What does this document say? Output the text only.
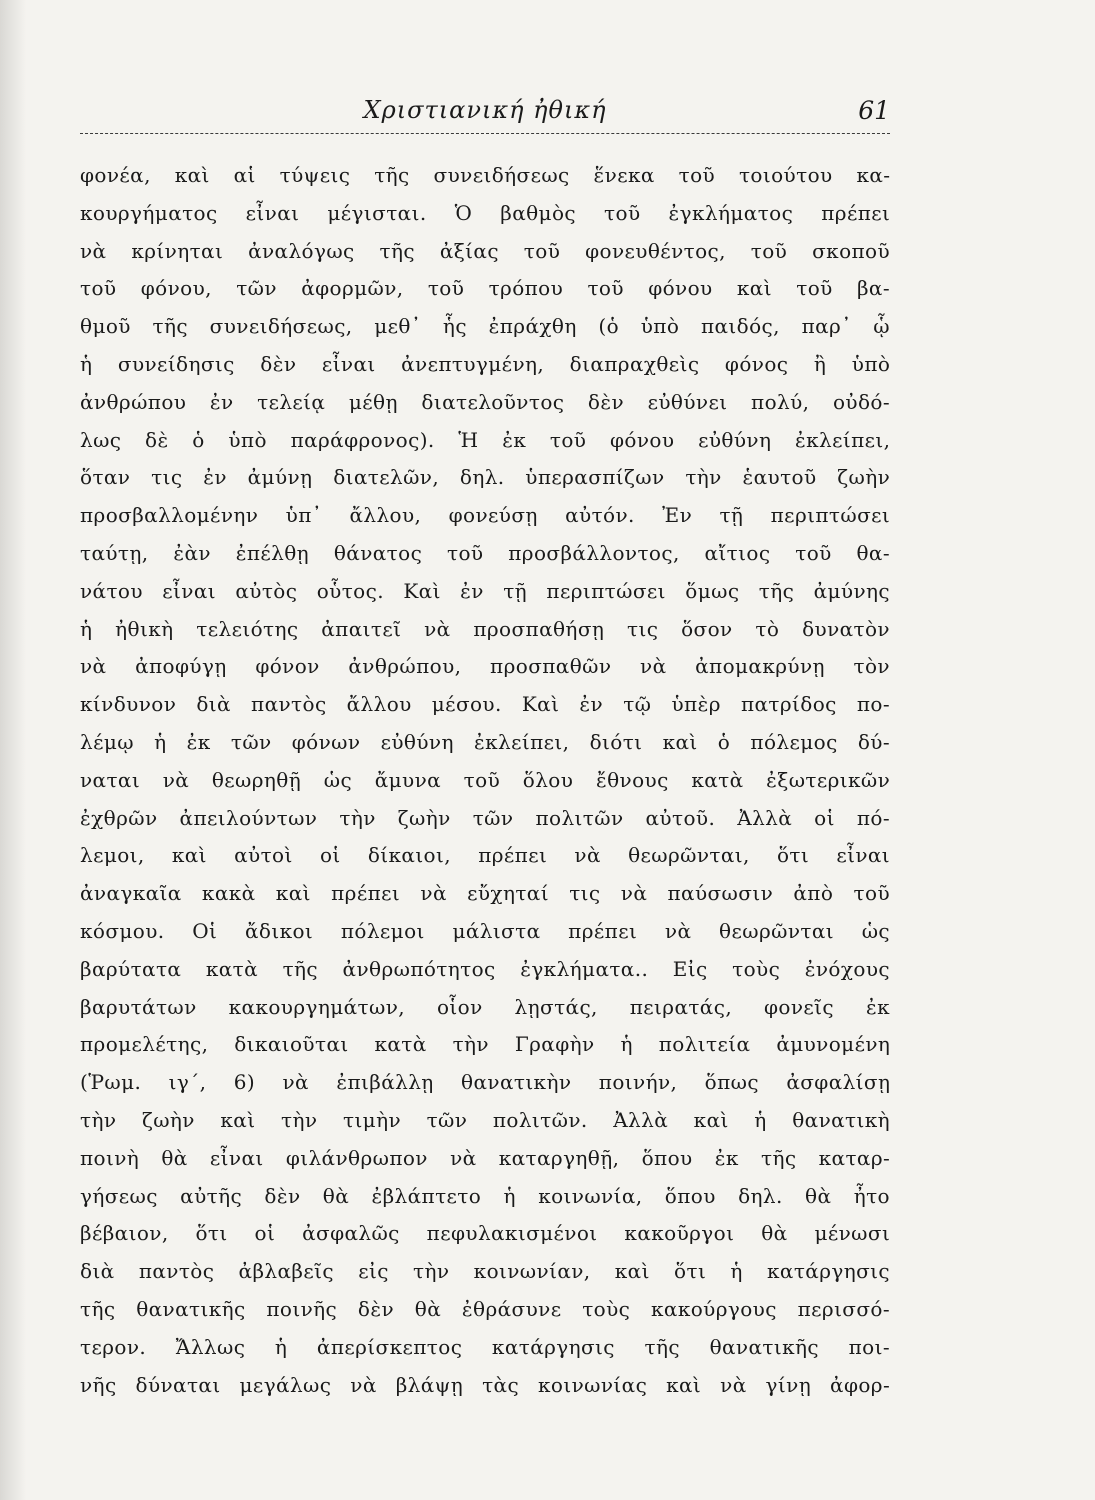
Χριστιανική ἠθική	61
φονέα, καὶ αἱ τύψεις τῆς συνειδήσεως ἕνεκα τοῦ τοιούτου κα-
κουργήματος εἶναι μέγισται. Ὁ βαθμὸς τοῦ ἐγκλήματος πρέπει
νὰ κρίνηται ἀναλόγως τῆς ἀξίας τοῦ φονευθέντος, τοῦ σκοποῦ
τοῦ φόνου, τῶν ἀφορμῶν, τοῦ τρόπου τοῦ φόνου καὶ τοῦ βα-
θμοῦ τῆς συνειδήσεως, μεθ᾽ ἧς ἐπράχθη (ὁ ὑπὸ παιδός, παρ᾽ ᾧ
ἡ συνείδησις δὲν εἶναι ἀνεπτυγμένη, διαπραχθεὶς φόνος ἢ ὑπὸ
ἀνθρώπου ἐν τελείᾳ μέθῃ διατελοῦντος δὲν εὐθύνει πολύ, οὐδό-
λως δὲ ὁ ὑπὸ παράφρονος). Ἡ ἐκ τοῦ φόνου εὐθύνη ἐκλείπει,
ὅταν τις ἐν ἀμύνῃ διατελῶν, δηλ. ὑπερασπίζων τὴν ἑαυτοῦ ζωὴν
προσβαλλομένην ὑπ᾽ ἄλλου, φονεύσῃ αὐτόν. Ἐν τῇ περιπτώσει
ταύτῃ, ἐὰν ἐπέλθῃ θάνατος τοῦ προσβάλλοντος, αἴτιος τοῦ θα-
νάτου εἶναι αὐτὸς οὗτος. Καὶ ἐν τῇ περιπτώσει ὅμως τῆς ἀμύνης
ἡ ἠθικὴ τελειότης ἀπαιτεῖ νὰ προσπαθήσῃ τις ὅσον τὸ δυνατὸν
νὰ ἀποφύγῃ φόνον ἀνθρώπου, προσπαθῶν νὰ ἀπομακρύνῃ τὸν
κίνδυνον διὰ παντὸς ἄλλου μέσου. Καὶ ἐν τῷ ὑπὲρ πατρίδος πο-
λέμῳ ἡ ἐκ τῶν φόνων εὐθύνη ἐκλείπει, διότι καὶ ὁ πόλεμος δύ-
ναται νὰ θεωρηθῇ ὡς ἄμυνα τοῦ ὅλου ἔθνους κατὰ ἐξωτερικῶν
ἐχθρῶν ἀπειλούντων τὴν ζωὴν τῶν πολιτῶν αὐτοῦ. Ἀλλὰ οἱ πό-
λεμοι, καὶ αὐτοὶ οἱ δίκαιοι, πρέπει νὰ θεωρῶνται, ὅτι εἶναι
ἀναγκαῖα κακὰ καὶ πρέπει νὰ εὔχηταί τις νὰ παύσωσιν ἀπὸ τοῦ
κόσμου. Οἱ ἄδικοι πόλεμοι μάλιστα πρέπει νὰ θεωρῶνται ὡς
βαρύτατα κατὰ τῆς ἀνθρωπότητος ἐγκλήματα.. Εἰς τοὺς ἐνόχους
βαρυτάτων κακουργημάτων, οἷον λῃστάς, πειρατάς, φονεῖς ἐκ
προμελέτης, δικαιοῦται κατὰ τὴν Γραφὴν ἡ πολιτεία ἀμυνομένη
(Ῥωμ. ιγ΄, 6) νὰ ἐπιβάλλῃ θανατικὴν ποινήν, ὅπως ἀσφαλίσῃ
τὴν ζωὴν καὶ τὴν τιμὴν τῶν πολιτῶν. Ἀλλὰ καὶ ἡ θανατικὴ
ποινὴ θὰ εἶναι φιλάνθρωπον νὰ καταργηθῇ, ὅπου ἐκ τῆς καταρ-
γήσεως αὐτῆς δὲν θὰ ἐβλάπτετο ἡ κοινωνία, ὅπου δηλ. θὰ ἦτο
βέβαιον, ὅτι οἱ ἀσφαλῶς πεφυλακισμένοι κακοῦργοι θὰ μένωσι
διὰ παντὸς ἀβλαβεῖς εἰς τὴν κοινωνίαν, καὶ ὅτι ἡ κατάργησις
τῆς θανατικῆς ποινῆς δὲν θὰ ἐθράσυνε τοὺς κακούργους περισσό-
τερον. Ἄλλως ἡ ἀπερίσκεπτος κατάργησις τῆς θανατικῆς ποι-
νῆς δύναται μεγάλως νὰ βλάψῃ τὰς κοινωνίας καὶ νὰ γίνῃ ἀφορ-
